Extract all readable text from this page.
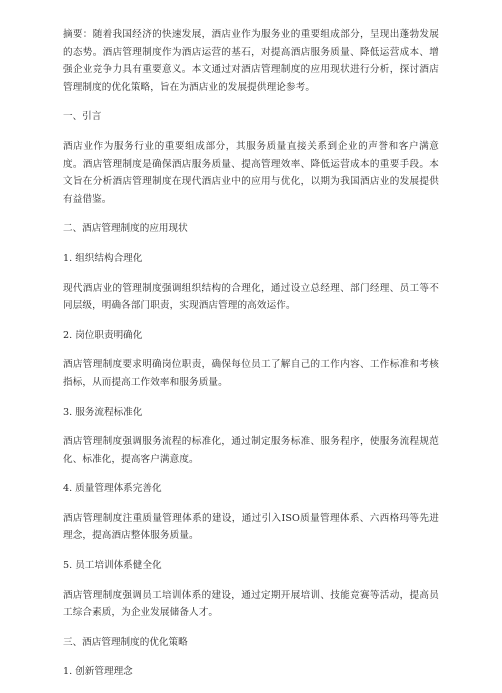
摘要：随着我国经济的快速发展，酒店业作为服务业的重要组成部分，呈现出蓬勃发展的态势。酒店管理制度作为酒店运营的基石，对提高酒店服务质量、降低运营成本、增强企业竞争力具有重要意义。本文通过对酒店管理制度的应用现状进行分析，探讨酒店管理制度的优化策略，旨在为酒店业的发展提供理论参考。

一、引言

酒店业作为服务行业的重要组成部分，其服务质量直接关系到企业的声誉和客户满意度。酒店管理制度是确保酒店服务质量、提高管理效率、降低运营成本的重要手段。本文旨在分析酒店管理制度在现代酒店业中的应用与优化，以期为我国酒店业的发展提供有益借鉴。

二、酒店管理制度的应用现状

1. 组织结构合理化

现代酒店业的管理制度强调组织结构的合理化，通过设立总经理、部门经理、员工等不同层级，明确各部门职责，实现酒店管理的高效运作。

2. 岗位职责明确化

酒店管理制度要求明确岗位职责，确保每位员工了解自己的工作内容、工作标准和考核指标，从而提高工作效率和服务质量。

3. 服务流程标准化

酒店管理制度强调服务流程的标准化，通过制定服务标准、服务程序，使服务流程规范化、标准化，提高客户满意度。

4. 质量管理体系完善化

酒店管理制度注重质量管理体系的建设，通过引入ISO质量管理体系、六西格玛等先进理念，提高酒店整体服务质量。

5. 员工培训体系健全化

酒店管理制度强调员工培训体系的建设，通过定期开展培训、技能竞赛等活动，提高员工综合素质，为企业发展储备人才。

三、酒店管理制度的优化策略

1. 创新管理理念
